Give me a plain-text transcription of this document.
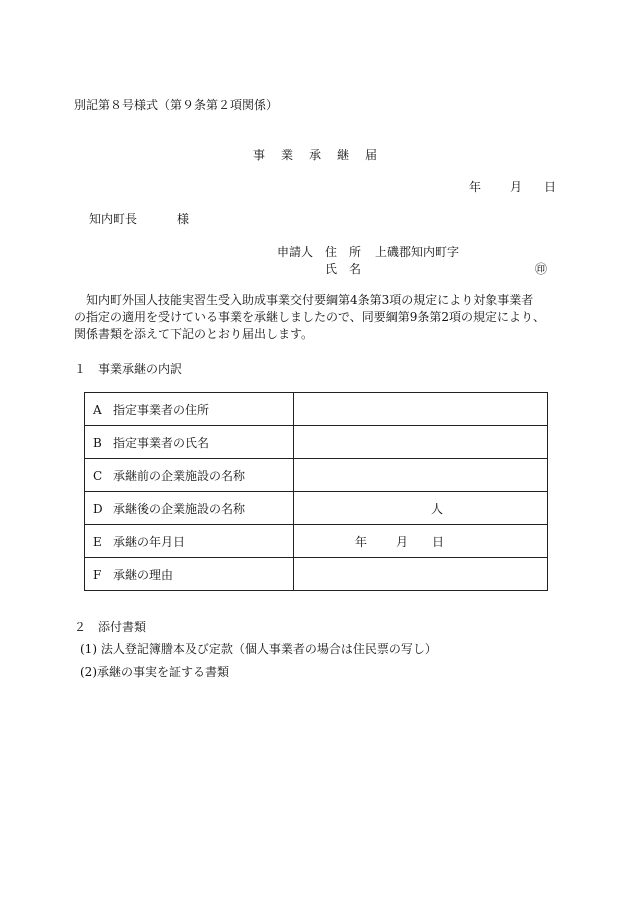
別記第８号様式（第９条第２項関係）
事 業 承 継 届
年 月 日
知内町長	様
申請人 住　所 上磯郡知内町字
氏　名	㊞
　知内町外国人技能実習生受入助成事業交付要綱第4条第3項の規定により対象事業者
の指定の適用を受けている事業を承継しましたので、同要綱第9条第2項の規定により、
関係書類を添えて下記のとおり届出します。
１　事業承継の内訳
A 指定事業者の住所	
B 指定事業者の氏名	
C 承継前の企業施設の名称	
D 承継後の企業施設の名称	人

E 承継の年月日	年 月 日

F 承継の理由	
２　添付書類
(1) 法人登記簿謄本及び定款（個人事業者の場合は住民票の写し）
(2)承継の事実を証する書類
